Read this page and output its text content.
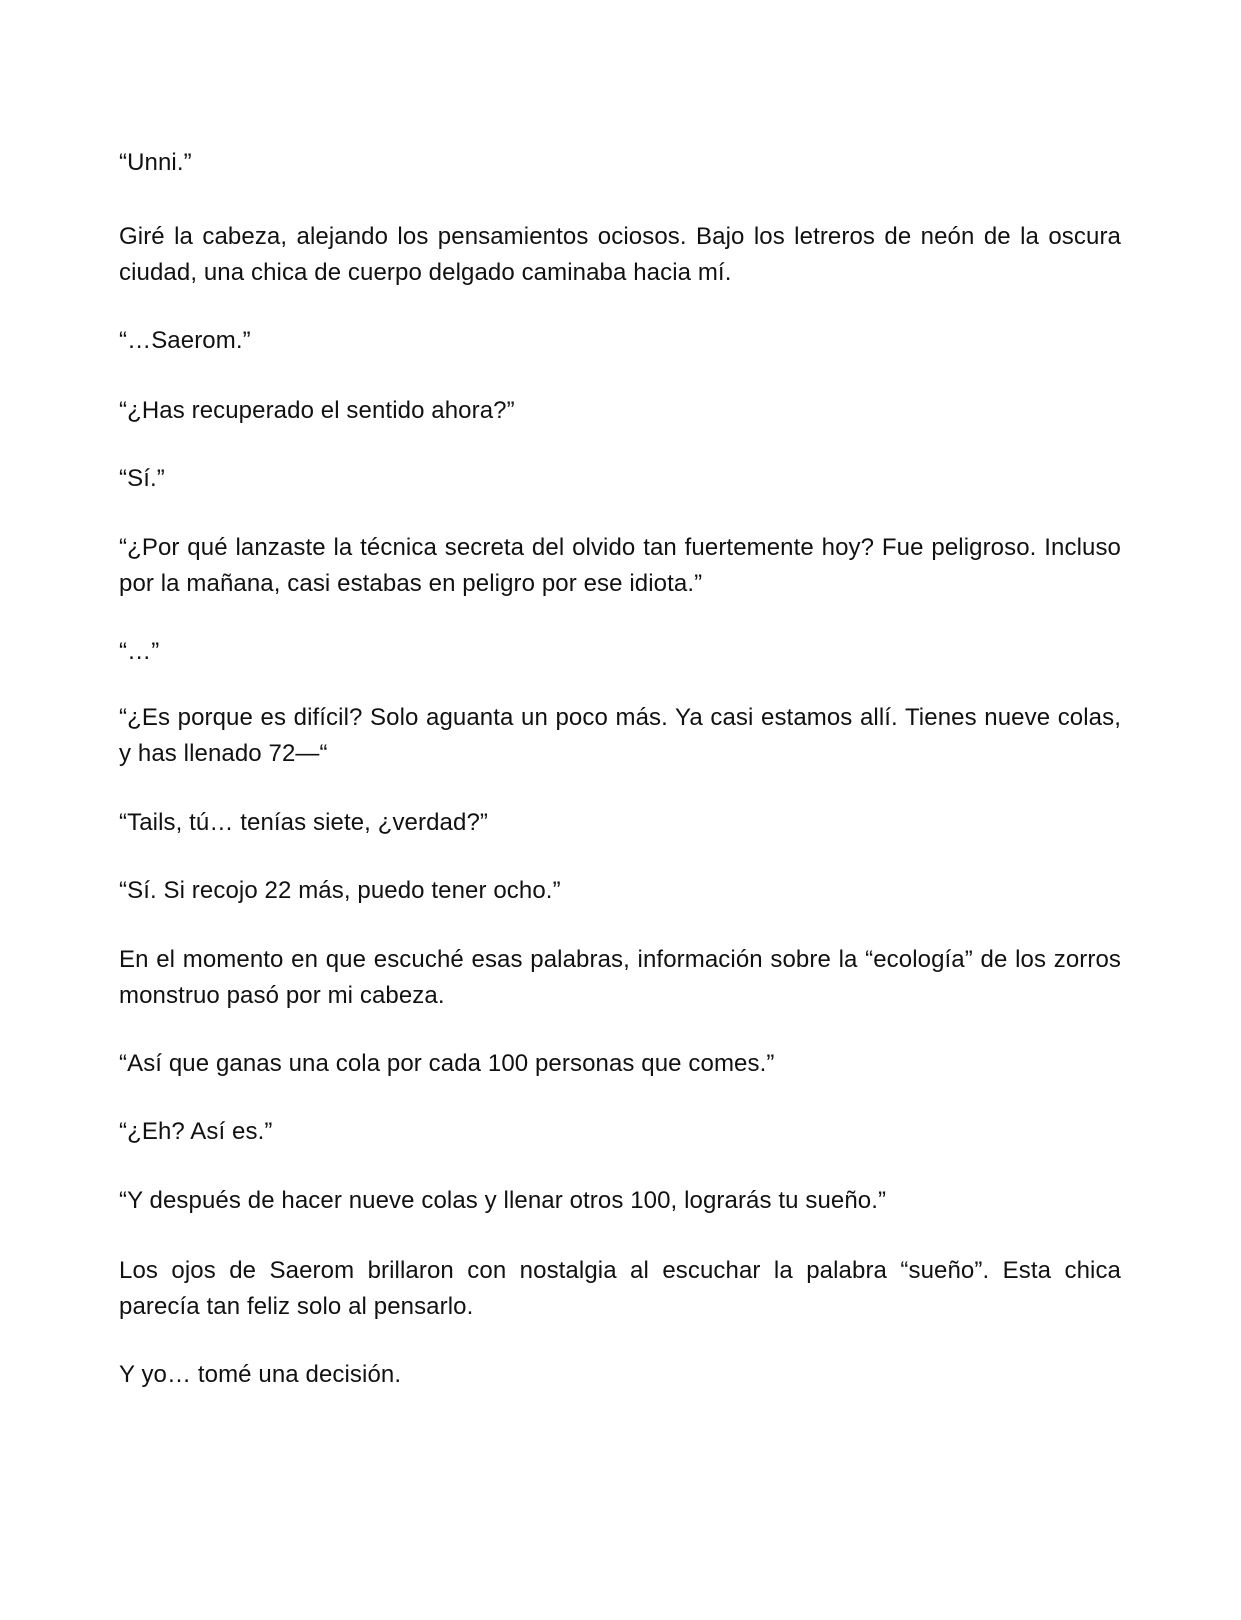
“Unni.”

Giré la cabeza, alejando los pensamientos ociosos. Bajo los letreros de neón de la oscura ciudad, una chica de cuerpo delgado caminaba hacia mí.

“…Saerom.”

“¿Has recuperado el sentido ahora?”

“Sí.”

“¿Por qué lanzaste la técnica secreta del olvido tan fuertemente hoy? Fue peligroso. Incluso por la mañana, casi estabas en peligro por ese idiota.”

“…”

“¿Es porque es difícil? Solo aguanta un poco más. Ya casi estamos allí. Tienes nueve colas, y has llenado 72—“

“Tails, tú… tenías siete, ¿verdad?”

“Sí. Si recojo 22 más, puedo tener ocho.”

En el momento en que escuché esas palabras, información sobre la “ecología” de los zorros monstruo pasó por mi cabeza.

“Así que ganas una cola por cada 100 personas que comes.”

“¿Eh? Así es.”

“Y después de hacer nueve colas y llenar otros 100, lograrás tu sueño.”

Los ojos de Saerom brillaron con nostalgia al escuchar la palabra “sueño”. Esta chica parecía tan feliz solo al pensarlo.

Y yo… tomé una decisión.
